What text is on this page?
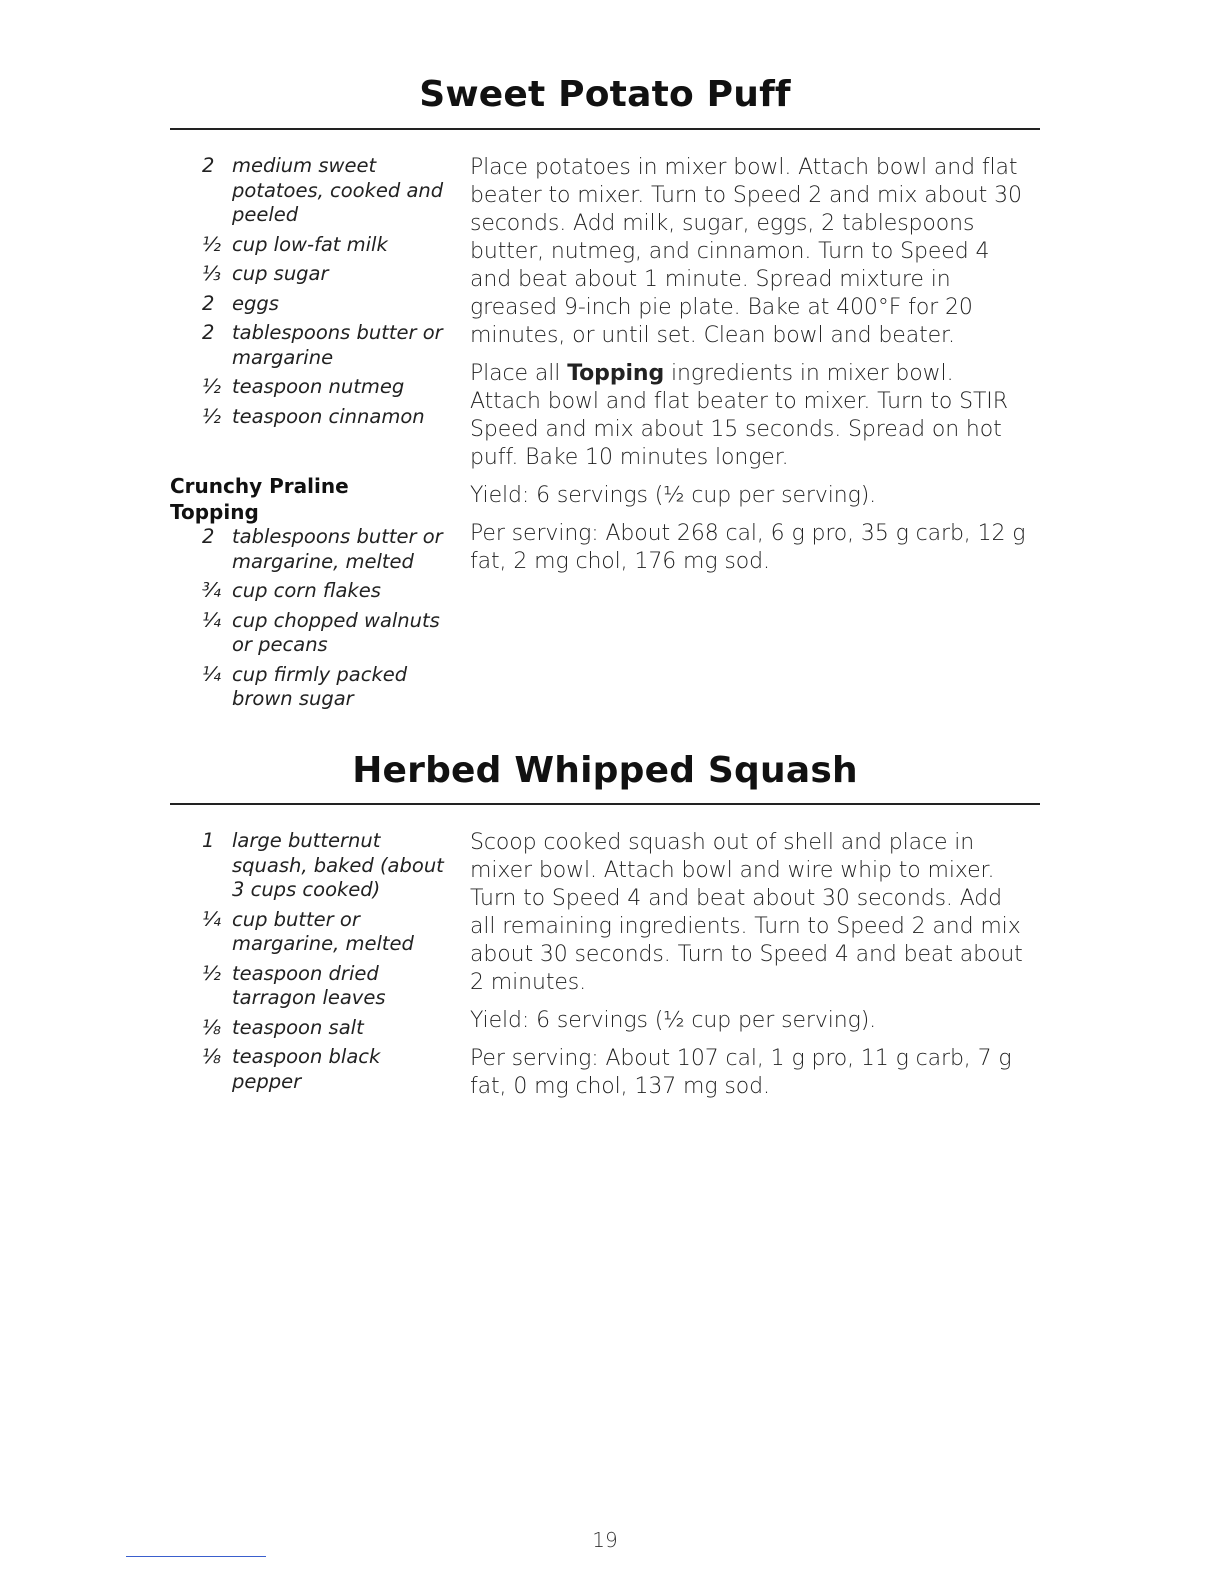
Sweet Potato Puff
2 medium sweet potatoes, cooked and peeled
½ cup low-fat milk
⅓ cup sugar
2 eggs
2 tablespoons butter or margarine
½ teaspoon nutmeg
½ teaspoon cinnamon
Crunchy Praline Topping
2 tablespoons butter or margarine, melted
¾ cup corn flakes
¼ cup chopped walnuts or pecans
¼ cup firmly packed brown sugar

Place potatoes in mixer bowl. Attach bowl and flat beater to mixer. Turn to Speed 2 and mix about 30 seconds. Add milk, sugar, eggs, 2 tablespoons butter, nutmeg, and cinnamon. Turn to Speed 4 and beat about 1 minute. Spread mixture in greased 9-inch pie plate. Bake at 400°F for 20 minutes, or until set. Clean bowl and beater.

Place all Topping ingredients in mixer bowl. Attach bowl and flat beater to mixer. Turn to STIR Speed and mix about 15 seconds. Spread on hot puff. Bake 10 minutes longer.

Yield: 6 servings (½ cup per serving).

Per serving: About 268 cal, 6 g pro, 35 g carb, 12 g fat, 2 mg chol, 176 mg sod.

Herbed Whipped Squash
1 large butternut squash, baked (about 3 cups cooked)
¼ cup butter or margarine, melted
½ teaspoon dried tarragon leaves
⅛ teaspoon salt
⅛ teaspoon black pepper

Scoop cooked squash out of shell and place in mixer bowl. Attach bowl and wire whip to mixer. Turn to Speed 4 and beat about 30 seconds. Add all remaining ingredients. Turn to Speed 2 and mix about 30 seconds. Turn to Speed 4 and beat about 2 minutes.

Yield: 6 servings (½ cup per serving).

Per serving: About 107 cal, 1 g pro, 11 g carb, 7 g fat, 0 mg chol, 137 mg sod.

19
